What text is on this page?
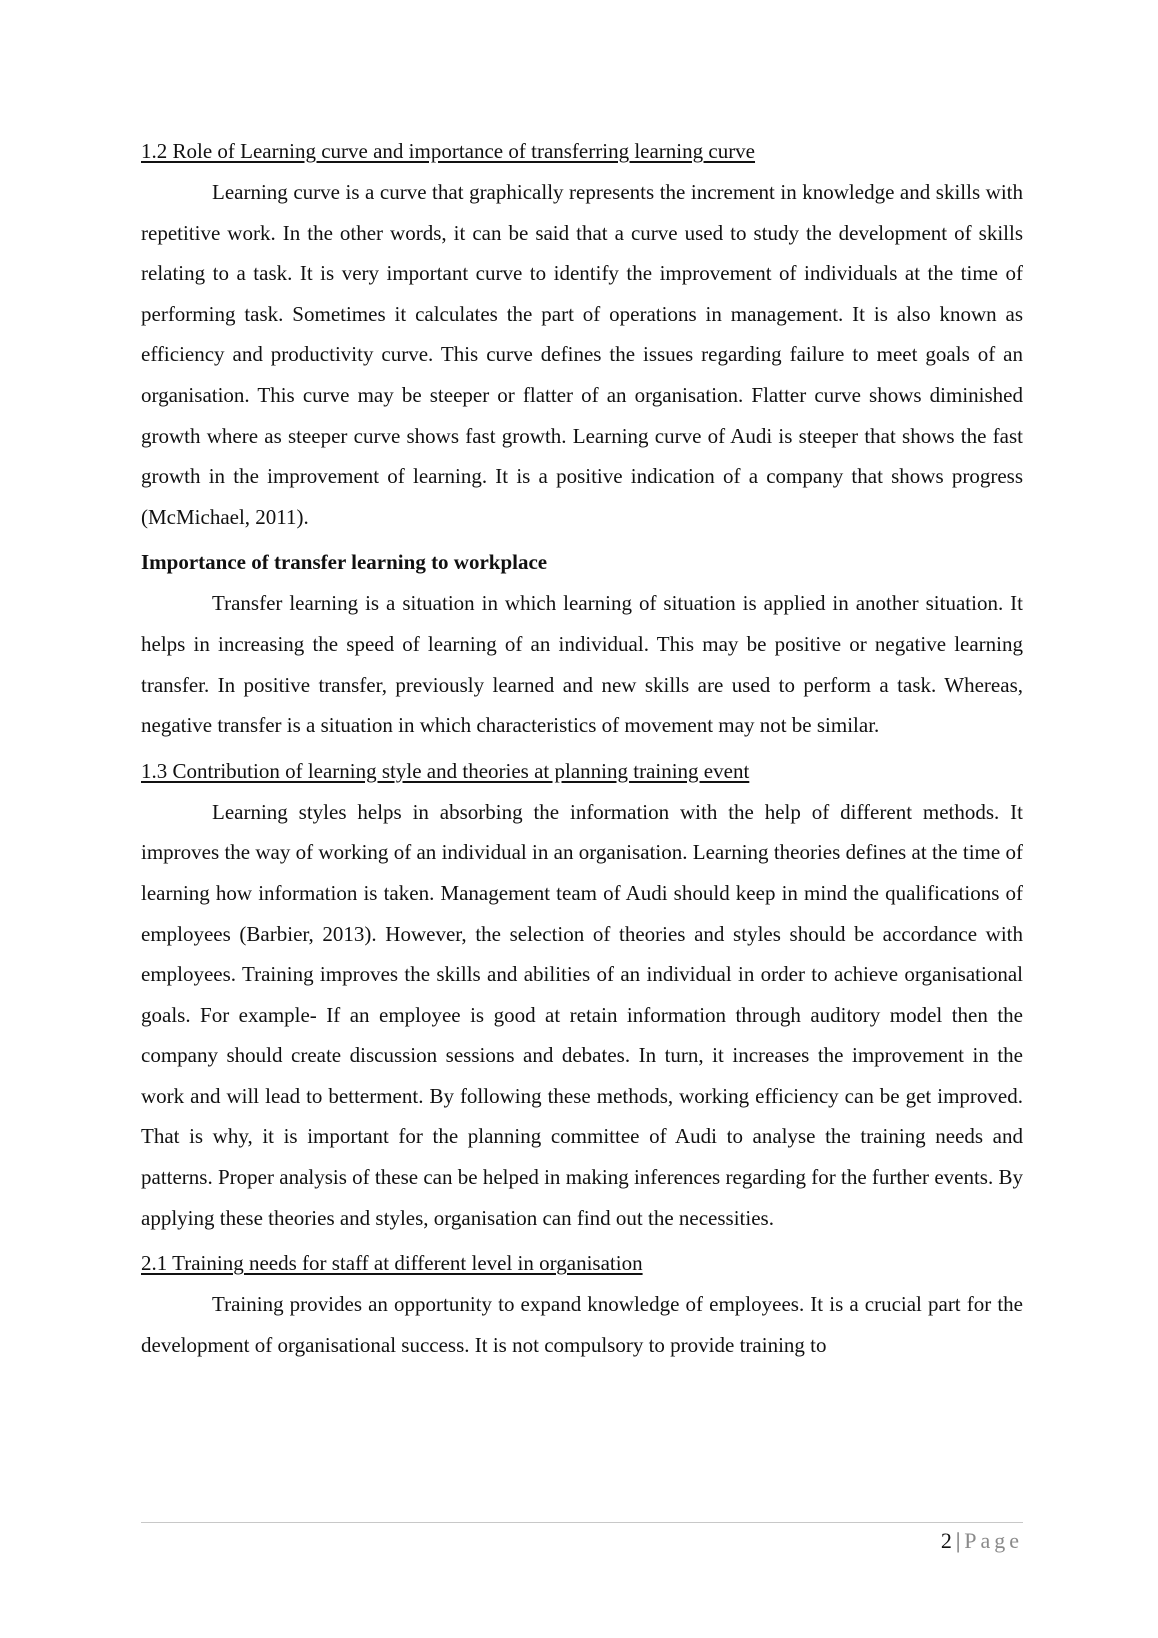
1.2 Role of Learning curve and importance of transferring learning curve

Learning curve is a curve that graphically represents the increment in knowledge and skills with repetitive work. In the other words, it can be said that a curve used to study the development of skills relating to a task. It is very important curve to identify the improvement of individuals at the time of performing task. Sometimes it calculates the part of operations in management. It is also known as efficiency and productivity curve. This curve defines the issues regarding failure to meet goals of an organisation. This curve may be steeper or flatter of an organisation. Flatter curve shows diminished growth where as steeper curve shows fast growth. Learning curve of Audi is steeper that shows the fast growth in the improvement of learning. It is a positive indication of a company that shows progress (McMichael, 2011).

Importance of transfer learning to workplace

Transfer learning is a situation in which learning of situation is applied in another situation. It helps in increasing the speed of learning of an individual. This may be positive or negative learning transfer. In positive transfer, previously learned and new skills are used to perform a task. Whereas, negative transfer is a situation in which characteristics of movement may not be similar.

1.3 Contribution of learning style and theories at planning training event

Learning styles helps in absorbing the information with the help of different methods. It improves the way of working of an individual in an organisation. Learning theories defines at the time of learning how information is taken. Management team of Audi should keep in mind the qualifications of employees (Barbier, 2013). However, the selection of theories and styles should be accordance with employees. Training improves the skills and abilities of an individual in order to achieve organisational goals. For example- If an employee is good at retain information through auditory model then the company should create discussion sessions and debates. In turn, it increases the improvement in the work and will lead to betterment. By following these methods, working efficiency can be get improved. That is why, it is important for the planning committee of Audi to analyse the training needs and patterns. Proper analysis of these can be helped in making inferences regarding for the further events. By applying these theories and styles, organisation can find out the necessities.

2.1 Training needs for staff at different level in organisation

Training provides an opportunity to expand knowledge of employees. It is a crucial part for the development of organisational success. It is not compulsory to provide training to

2 | Page
